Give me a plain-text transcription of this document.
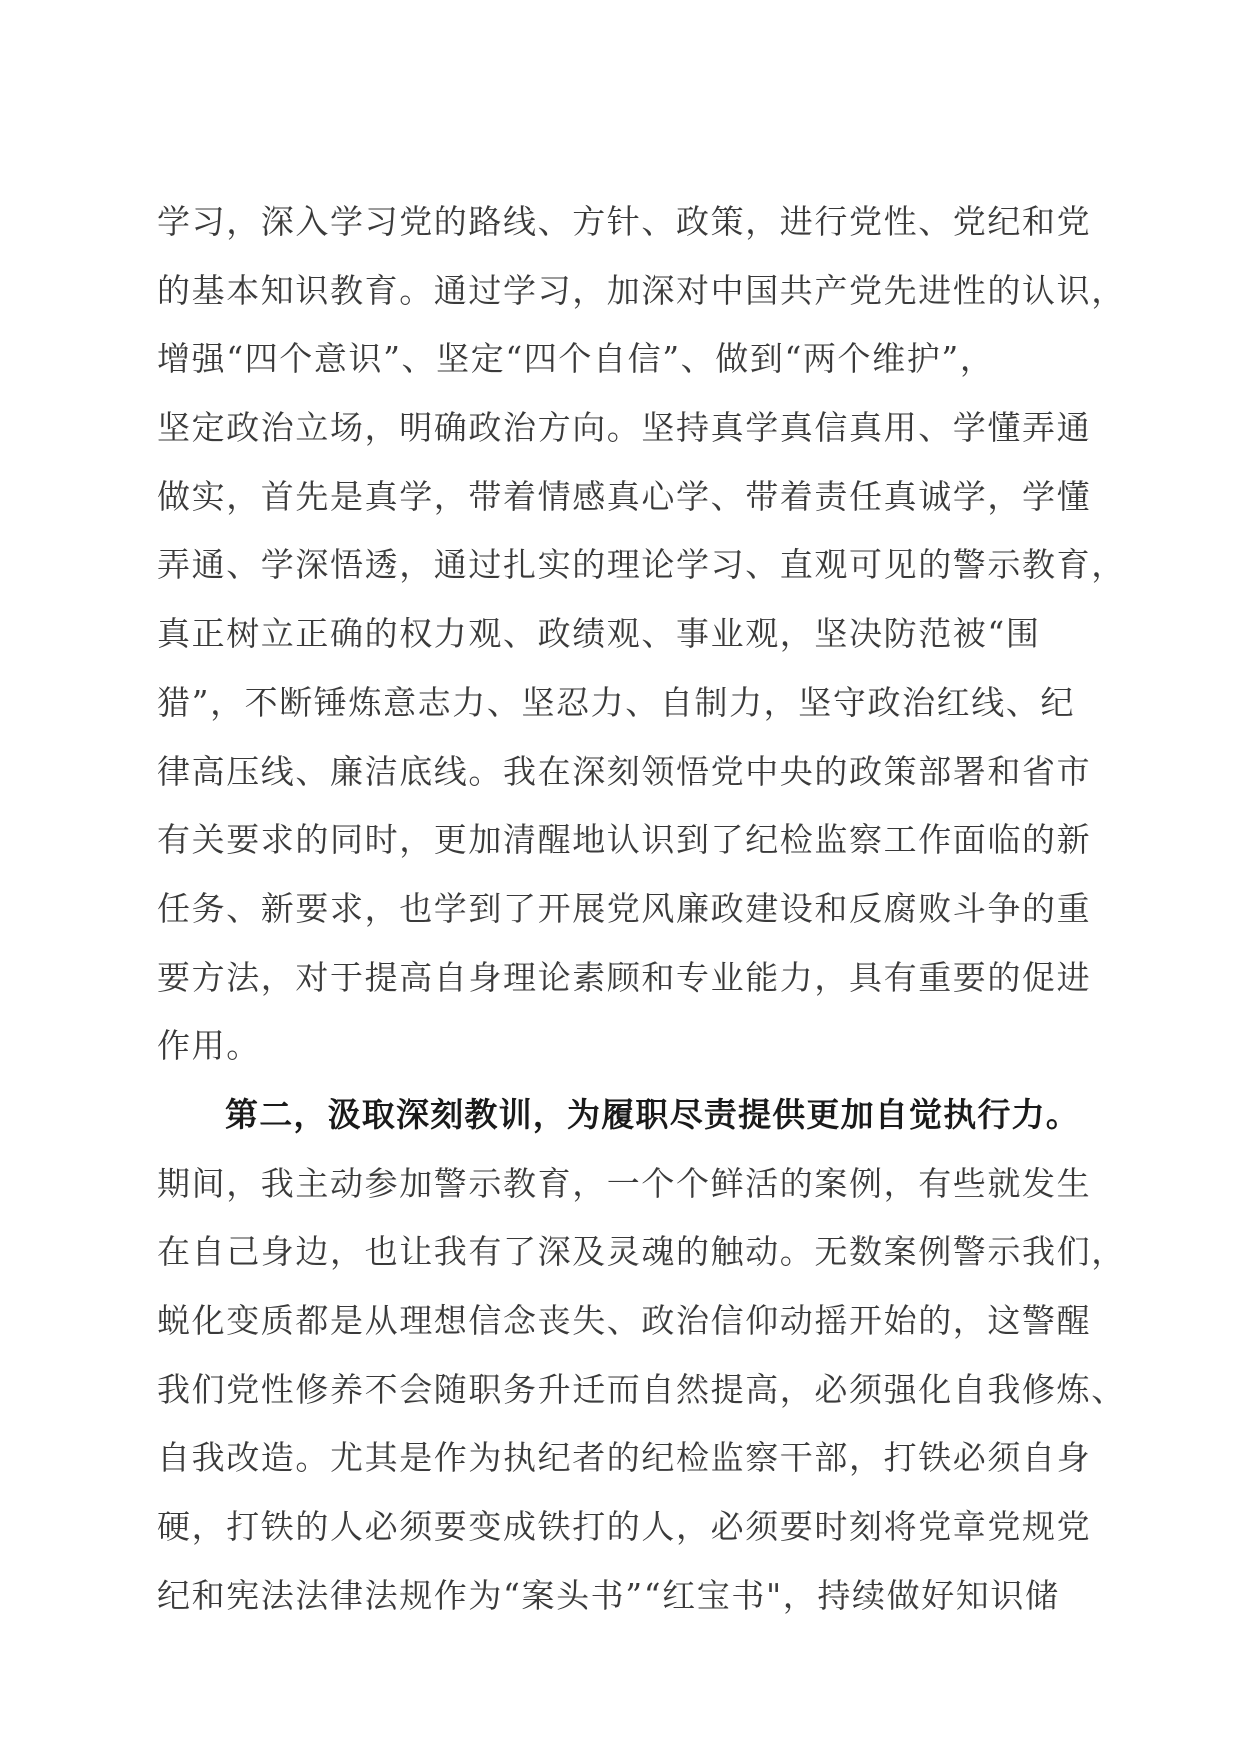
学习，深入学习党的路线、方针、政策，进行党性、党纪和党
的基本知识教育。通过学习，加深对中国共产党先进性的认识，
增强“四个意识”、坚定“四个自信”、做到“两个维护”，
坚定政治立场，明确政治方向。坚持真学真信真用、学懂弄通
做实，首先是真学，带着情感真心学、带着责任真诚学，学懂
弄通、学深悟透，通过扎实的理论学习、直观可见的警示教育，
真正树立正确的权力观、政绩观、事业观，坚决防范被“围
猎”，不断锤炼意志力、坚忍力、自制力，坚守政治红线、纪
律高压线、廉洁底线。我在深刻领悟党中央的政策部署和省市
有关要求的同时，更加清醒地认识到了纪检监察工作面临的新
任务、新要求，也学到了开展党风廉政建设和反腐败斗争的重
要方法，对于提高自身理论素顾和专业能力，具有重要的促进
作用。
第二，汲取深刻教训，为履职尽责提供更加自觉执行力。
期间，我主动参加警示教育，一个个鲜活的案例，有些就发生
在自己身边，也让我有了深及灵魂的触动。无数案例警示我们，
蜕化变质都是从理想信念丧失、政治信仰动摇开始的，这警醒
我们党性修养不会随职务升迁而自然提高，必须强化自我修炼、
自我改造。尤其是作为执纪者的纪检监察干部，打铁必须自身
硬，打铁的人必须要变成铁打的人，必须要时刻将党章党规党
纪和宪法法律法规作为“案头书”“红宝书"，持续做好知识储
